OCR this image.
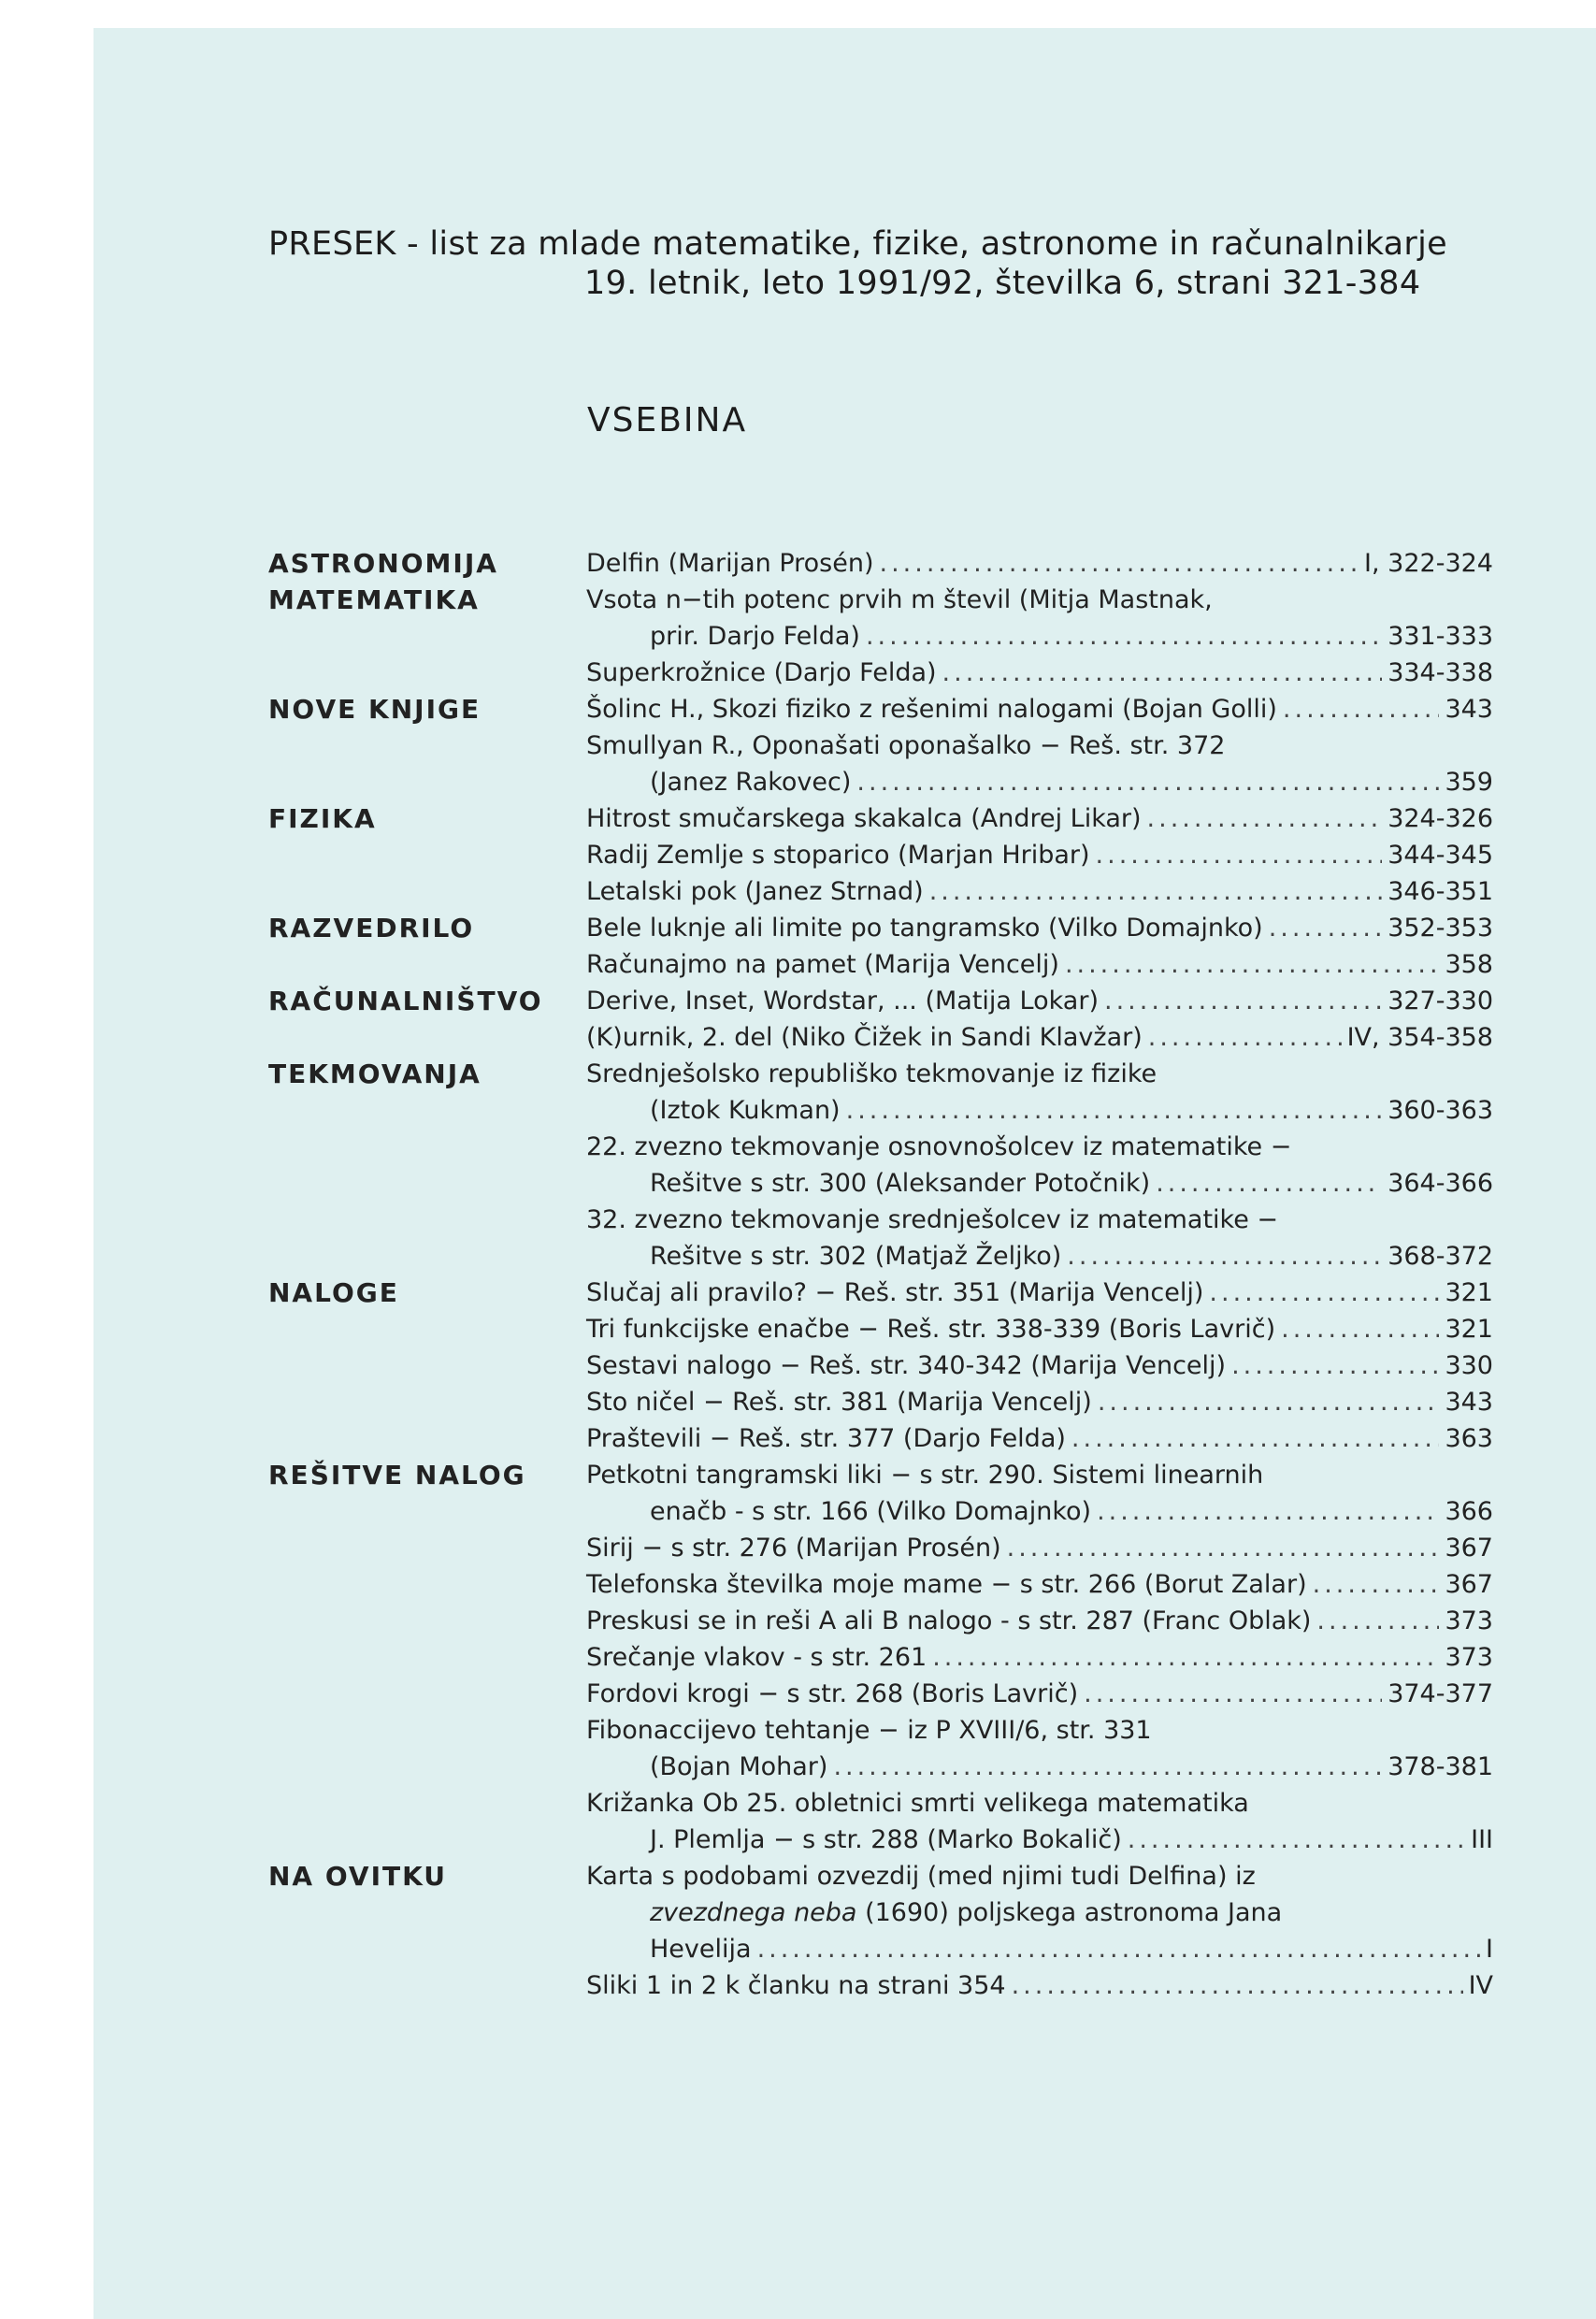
PRESEK - list za mlade matematike, fizike, astronome in računalnikarje
19. letnik, leto 1991/92, številka 6, strani 321-384
VSEBINA
ASTRONOMIJA	Delfin (Marijan Prosén) .....	I, 322-324
MATEMATIKA	Vsota n−tih potenc prvih m števil (Mitja Mastnak,
prir. Darjo Felda) .....	331-333
Superkrožnice (Darjo Felda) .....	334-338
NOVE KNJIGE	Šolinc H., Skozi fiziko z rešenimi nalogami (Bojan Golli) .....	343
Smullyan R., Oponašati oponašalko − Reš. str. 372
(Janez Rakovec) .....	359
FIZIKA	Hitrost smučarskega skakalca (Andrej Likar) .....	324-326
Radij Zemlje s stoparico (Marjan Hribar) .....	344-345
Letalski pok (Janez Strnad) .....	346-351
RAZVEDRILO	Bele luknje ali limite po tangramsko (Vilko Domajnko) .....	352-353
Računajmo na pamet (Marija Vencelj) .....	358
RAČUNALNIŠTVO	Derive, Inset, Wordstar, ... (Matija Lokar) .....	327-330
(K)urnik, 2. del (Niko Čižek in Sandi Klavžar) .....	IV, 354-358
TEKMOVANJA	Srednješolsko republiško tekmovanje iz fizike
(Iztok Kukman) .....	360-363
22. zvezno tekmovanje osnovnošolcev iz matematike −
Rešitve s str. 300 (Aleksander Potočnik) .....	364-366
32. zvezno tekmovanje srednješolcev iz matematike −
Rešitve s str. 302 (Matjaž Željko) .....	368-372
NALOGE	Slučaj ali pravilo? − Reš. str. 351 (Marija Vencelj) .....	321
Tri funkcijske enačbe − Reš. str. 338-339 (Boris Lavrič) .....	321
Sestavi nalogo − Reš. str. 340-342 (Marija Vencelj) .....	330
Sto ničel − Reš. str. 381 (Marija Vencelj) .....	343
Praštevili − Reš. str. 377 (Darjo Felda) .....	363
REŠITVE NALOG	Petkotni tangramski liki − s str. 290. Sistemi linearnih
enačb - s str. 166 (Vilko Domajnko) .....	366
Sirij − s str. 276 (Marijan Prosén) .....	367
Telefonska številka moje mame − s str. 266 (Borut Zalar) .....	367
Preskusi se in reši A ali B nalogo - s str. 287 (Franc Oblak) .....	373
Srečanje vlakov - s str. 261 .....	373
Fordovi krogi − s str. 268 (Boris Lavrič) .....	374-377
Fibonaccijevo tehtanje − iz P XVIII/6, str. 331
(Bojan Mohar) .....	378-381
Križanka Ob 25. obletnici smrti velikega matematika
J. Plemlja − s str. 288 (Marko Bokalič) .....	III
NA OVITKU	Karta s podobami ozvezdij (med njimi tudi Delfina) iz
zvezdnega neba (1690) poljskega astronoma Jana
Hevelija .....	I
Sliki 1 in 2 k članku na strani 354 .....	IV
